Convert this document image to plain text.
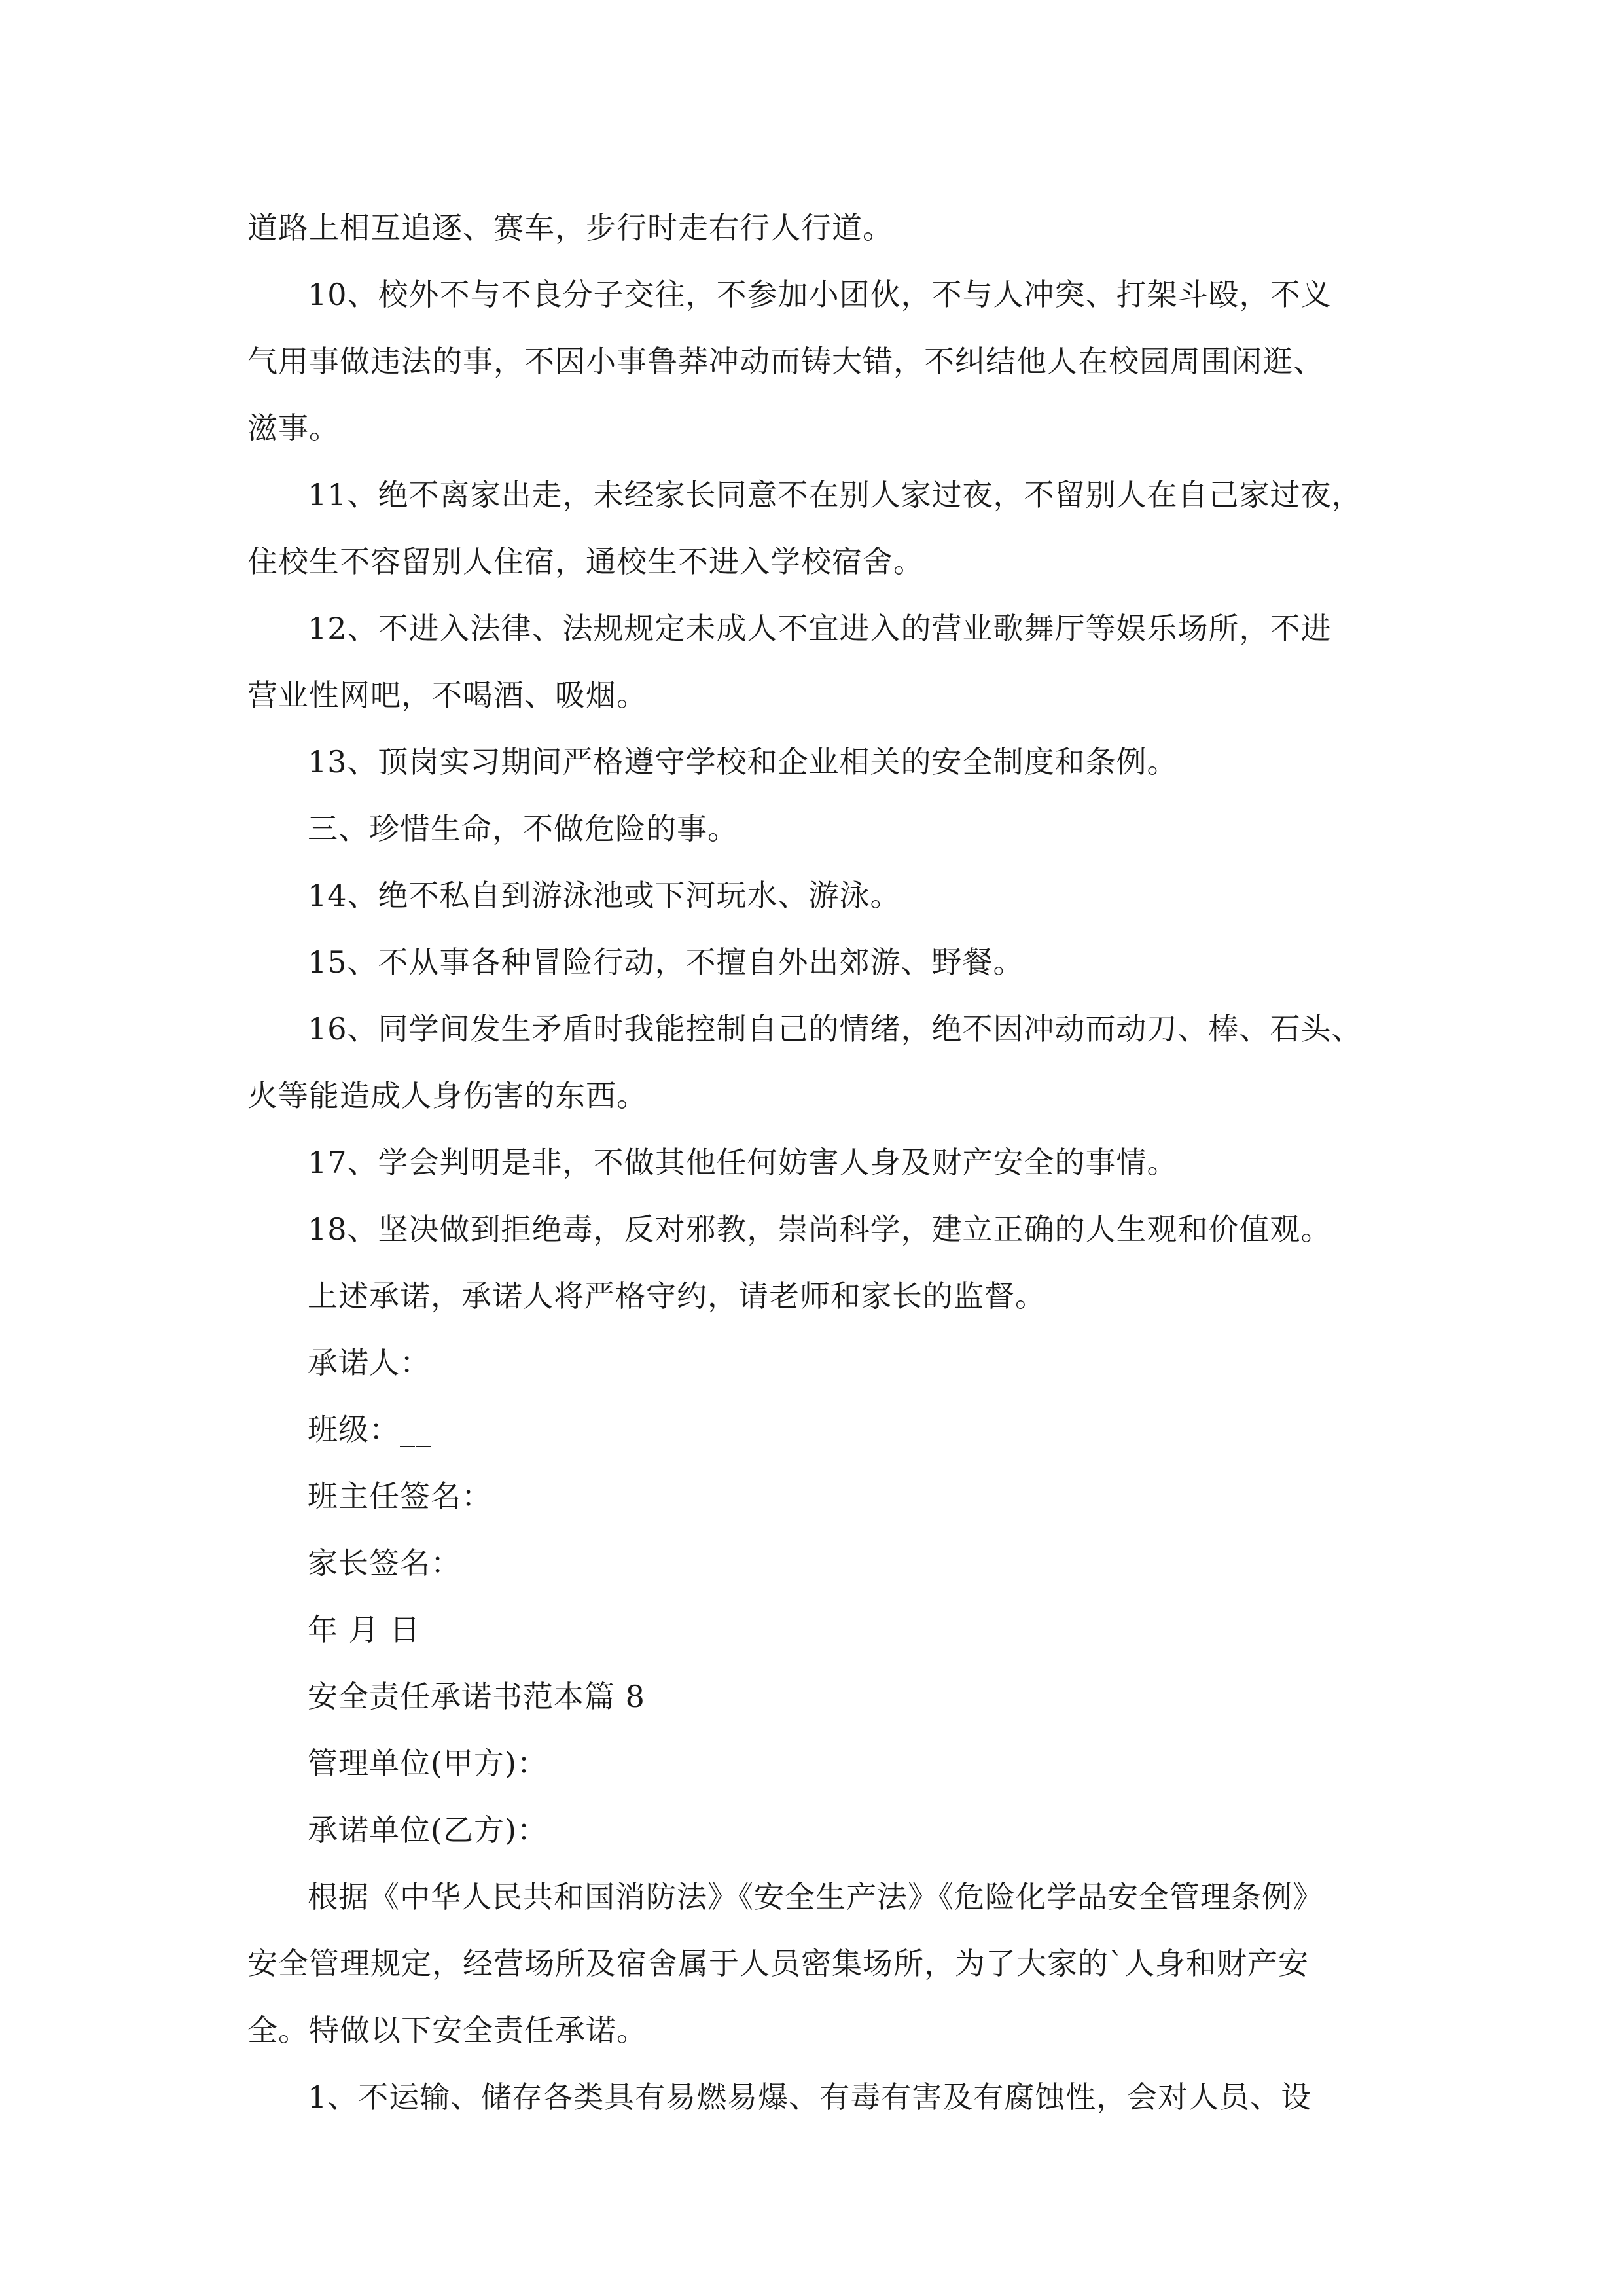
道路上相互追逐、赛车，步行时走右行人行道。

10、校外不与不良分子交往，不参加小团伙，不与人冲突、打架斗殴，不义

气用事做违法的事，不因小事鲁莽冲动而铸大错，不纠结他人在校园周围闲逛、

滋事。

11、绝不离家出走，未经家长同意不在别人家过夜，不留别人在自己家过夜，

住校生不容留别人住宿，通校生不进入学校宿舍。

12、不进入法律、法规规定未成人不宜进入的营业歌舞厅等娱乐场所，不进

营业性网吧，不喝酒、吸烟。

13、顶岗实习期间严格遵守学校和企业相关的安全制度和条例。

三、珍惜生命，不做危险的事。

14、绝不私自到游泳池或下河玩水、游泳。

15、不从事各种冒险行动，不擅自外出郊游、野餐。

16、同学间发生矛盾时我能控制自己的情绪，绝不因冲动而动刀、棒、石头、

火等能造成人身伤害的东西。

17、学会判明是非，不做其他任何妨害人身及财产安全的事情。

18、坚决做到拒绝毒，反对邪教，崇尚科学，建立正确的人生观和价值观。

上述承诺，承诺人将严格守约，请老师和家长的监督。

承诺人：

班级：__

班主任签名：

家长签名：

年 月 日

安全责任承诺书范本篇 8

管理单位(甲方)：

承诺单位(乙方)：

根据《中华人民共和国消防法》《安全生产法》《危险化学品安全管理条例》

安全管理规定，经营场所及宿舍属于人员密集场所，为了大家的`人身和财产安

全。特做以下安全责任承诺。

1、不运输、储存各类具有易燃易爆、有毒有害及有腐蚀性，会对人员、设
